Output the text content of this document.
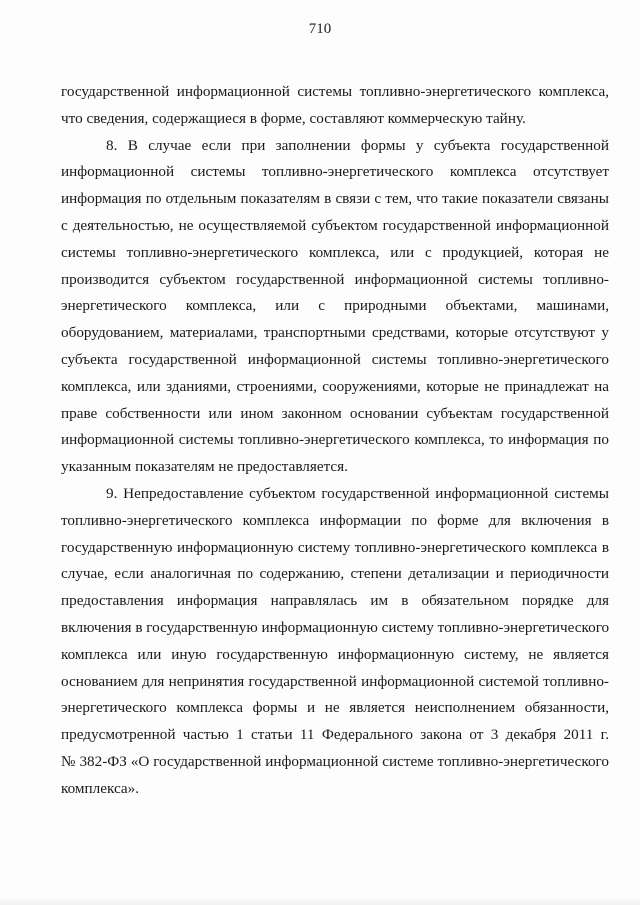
710
государственной информационной системы топливно-энергетического комплекса,
что сведения, содержащиеся в форме, составляют коммерческую тайну.
8. В случае если при заполнении формы у субъекта государственной
информационной системы топливно-энергетического комплекса отсутствует
информация по отдельным показателям в связи с тем, что такие показатели связаны
с деятельностью, не осуществляемой субъектом государственной информационной
системы топливно-энергетического комплекса, или с продукцией, которая не
производится субъектом государственной информационной системы топливно-
энергетического комплекса, или с природными объектами, машинами,
оборудованием, материалами, транспортными средствами, которые отсутствуют у
субъекта государственной информационной системы топливно-энергетического
комплекса, или зданиями, строениями, сооружениями, которые не принадлежат на
праве собственности или ином законном основании субъектам государственной
информационной системы топливно-энергетического комплекса, то информация по
указанным показателям не предоставляется.
9. Непредоставление субъектом государственной информационной системы
топливно-энергетического комплекса информации по форме для включения в
государственную информационную систему топливно-энергетического комплекса в
случае, если аналогичная по содержанию, степени детализации и периодичности
предоставления информация направлялась им в обязательном порядке для
включения в государственную информационную систему топливно-энергетического
комплекса или иную государственную информационную систему, не является
основанием для непринятия государственной информационной системой топливно-
энергетического комплекса формы и не является неисполнением обязанности,
предусмотренной частью 1 статьи 11 Федерального закона от 3 декабря 2011 г.
№ 382-ФЗ «О государственной информационной системе топливно-энергетического
комплекса».
